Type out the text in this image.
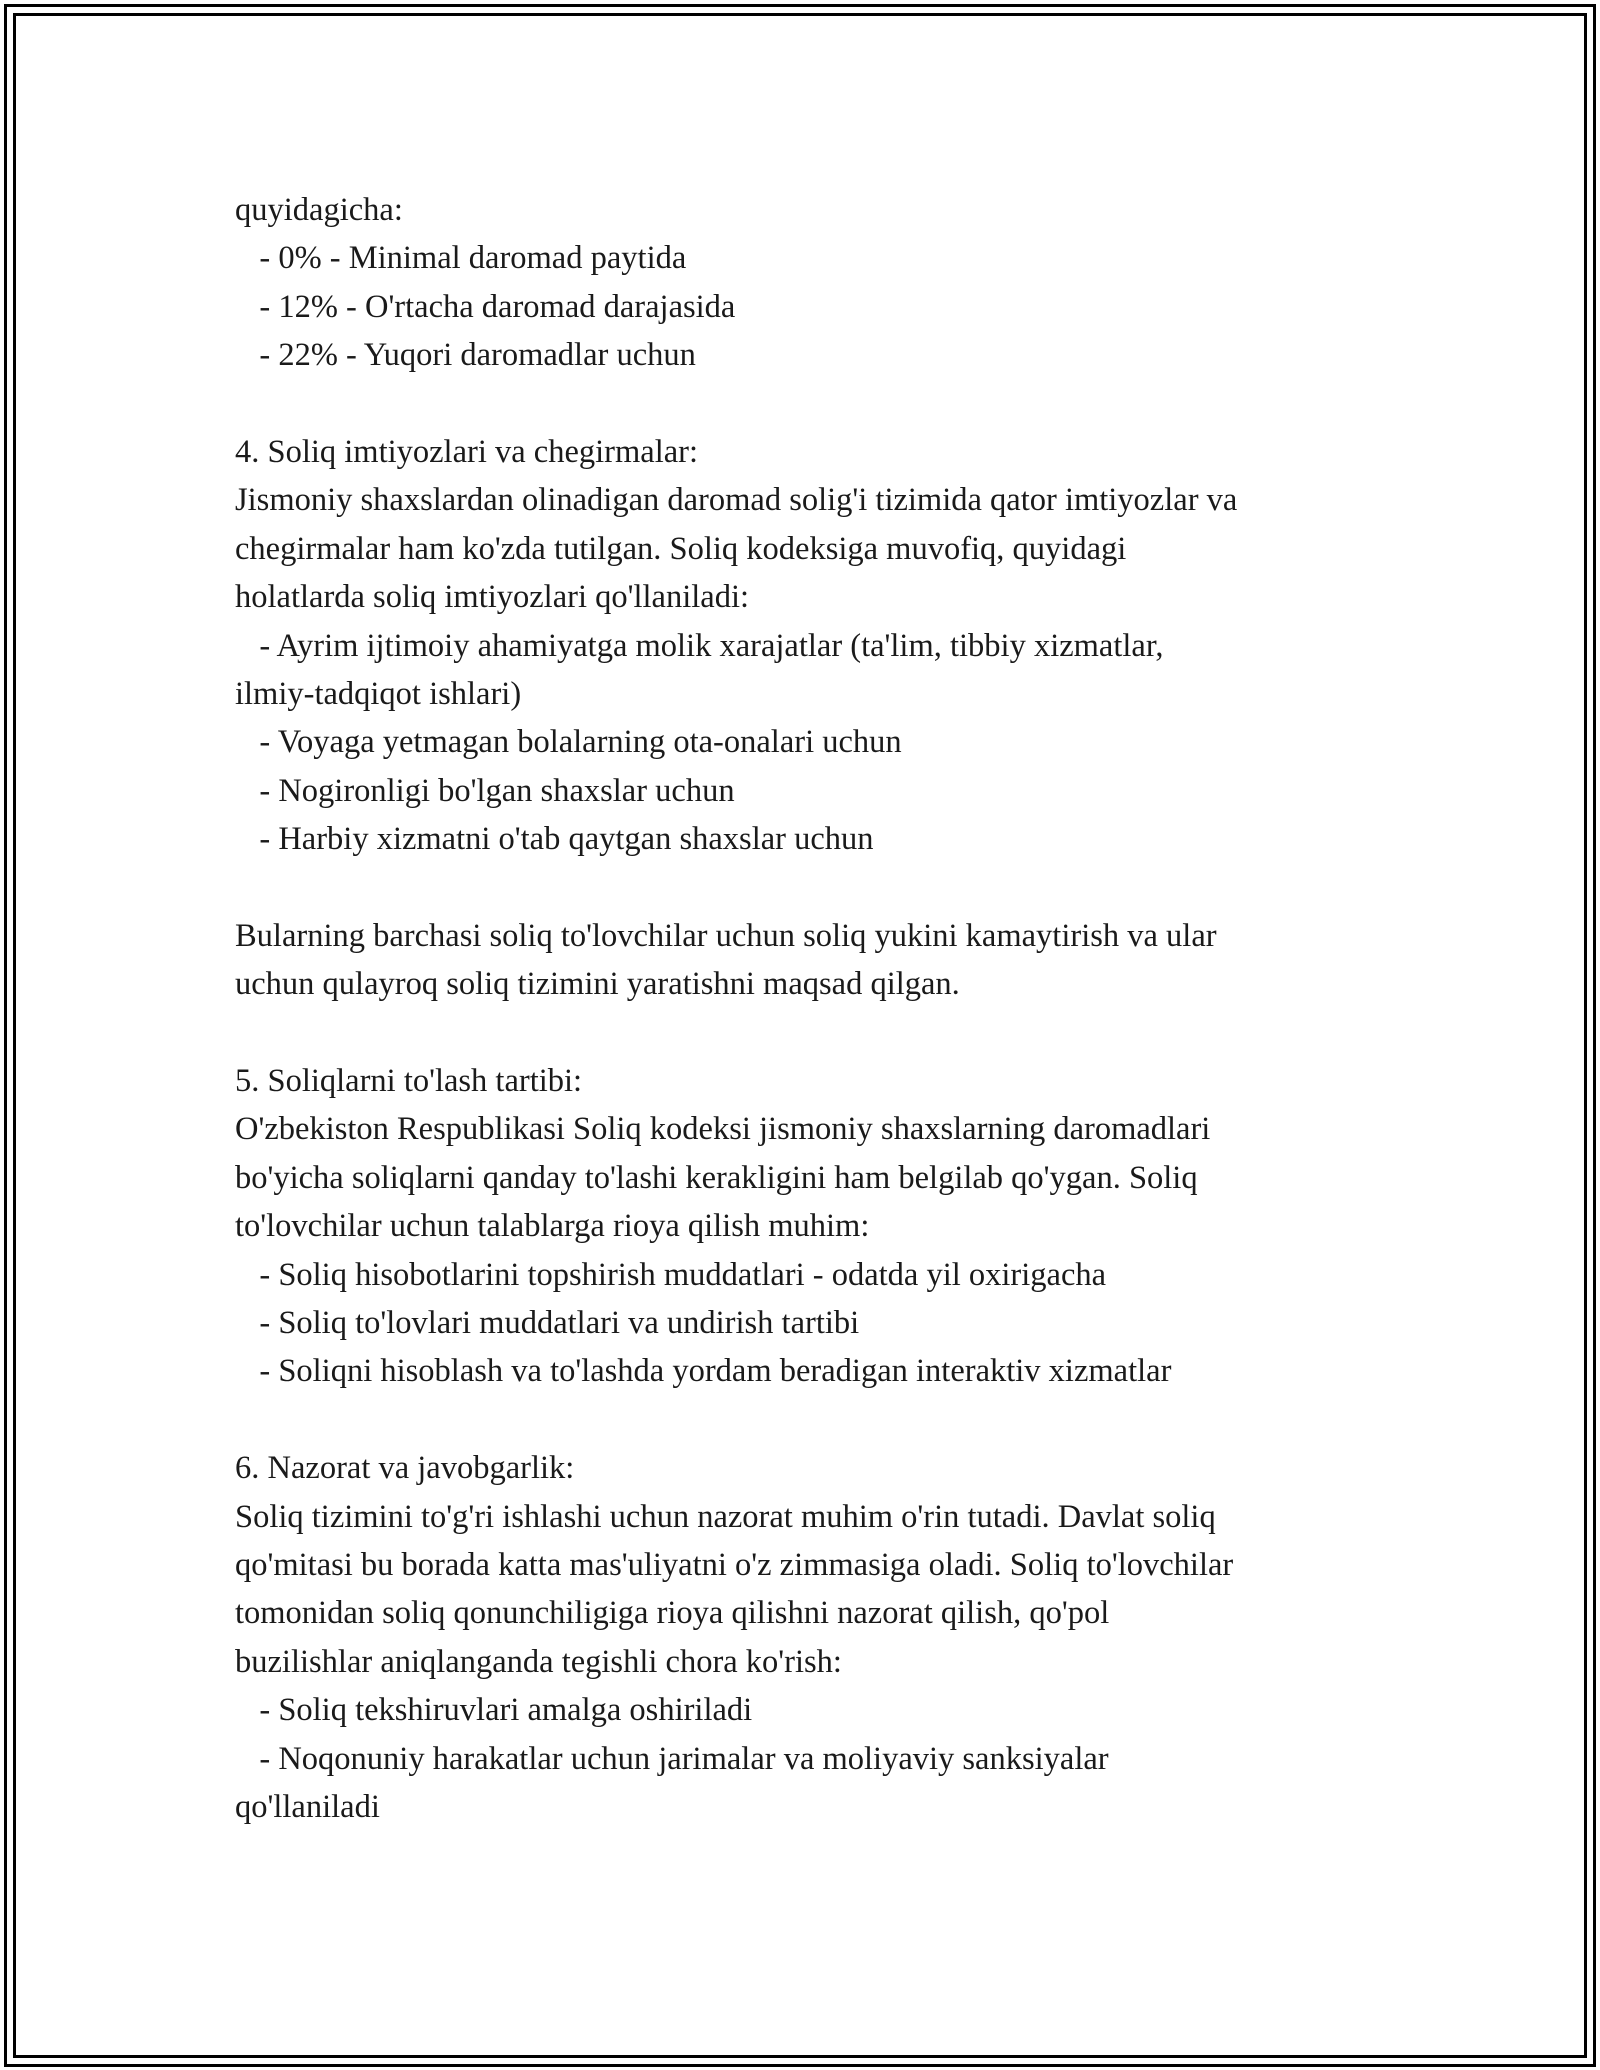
quyidagicha:
- 0% - Minimal daromad paytida
- 12% - O'rtacha daromad darajasida
- 22% - Yuqori daromadlar uchun
4. Soliq imtiyozlari va chegirmalar:
Jismoniy shaxslardan olinadigan daromad solig'i tizimida qator imtiyozlar va
chegirmalar ham ko'zda tutilgan. Soliq kodeksiga muvofiq, quyidagi
holatlarda soliq imtiyozlari qo'llaniladi:
- Ayrim ijtimoiy ahamiyatga molik xarajatlar (ta'lim, tibbiy xizmatlar,
ilmiy-tadqiqot ishlari)
- Voyaga yetmagan bolalarning ota-onalari uchun
- Nogironligi bo'lgan shaxslar uchun
- Harbiy xizmatni o'tab qaytgan shaxslar uchun
Bularning barchasi soliq to'lovchilar uchun soliq yukini kamaytirish va ular
uchun qulayroq soliq tizimini yaratishni maqsad qilgan.
5. Soliqlarni to'lash tartibi:
O'zbekiston Respublikasi Soliq kodeksi jismoniy shaxslarning daromadlari
bo'yicha soliqlarni qanday to'lashi kerakligini ham belgilab qo'ygan. Soliq
to'lovchilar uchun talablarga rioya qilish muhim:
- Soliq hisobotlarini topshirish muddatlari - odatda yil oxirigacha
- Soliq to'lovlari muddatlari va undirish tartibi
- Soliqni hisoblash va to'lashda yordam beradigan interaktiv xizmatlar
6. Nazorat va javobgarlik:
Soliq tizimini to'g'ri ishlashi uchun nazorat muhim o'rin tutadi. Davlat soliq
qo'mitasi bu borada katta mas'uliyatni o'z zimmasiga oladi. Soliq to'lovchilar
tomonidan soliq qonunchiligiga rioya qilishni nazorat qilish, qo'pol
buzilishlar aniqlanganda tegishli chora ko'rish:
- Soliq tekshiruvlari amalga oshiriladi
- Noqonuniy harakatlar uchun jarimalar va moliyaviy sanksiyalar
qo'llaniladi
